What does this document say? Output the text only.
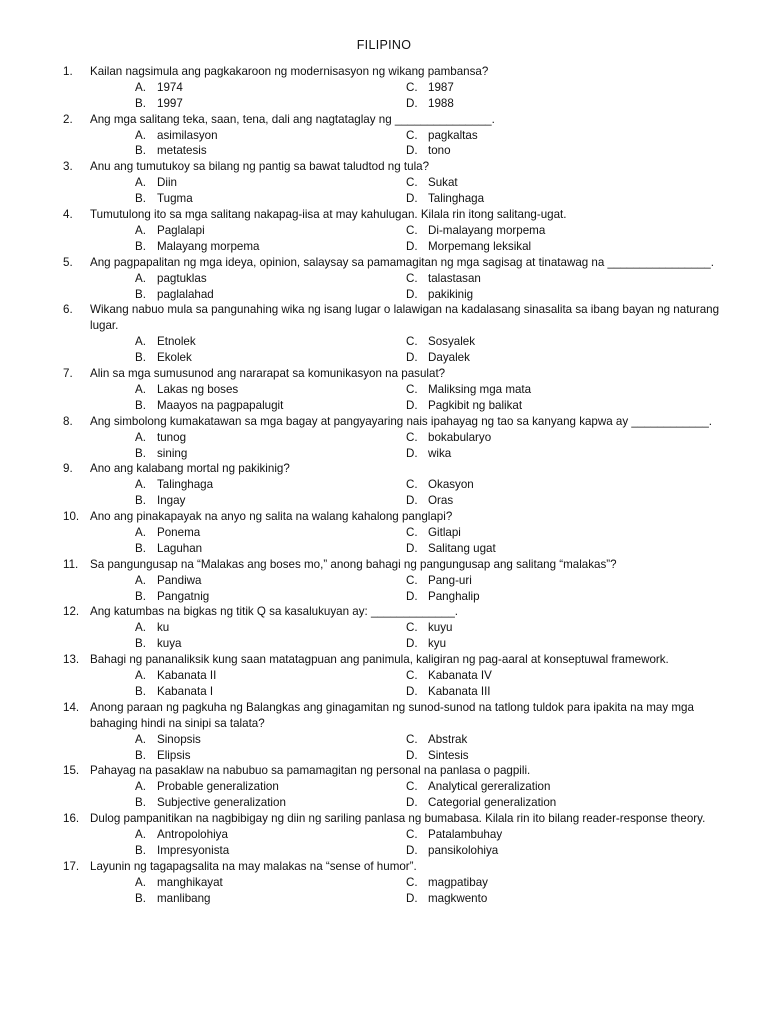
FILIPINO
1.	Kailan nagsimula ang pagkakaroon ng modernisasyon ng wikang pambansa?
A. 1974	C. 1987
B. 1997	D. 1988
2.	Ang mga salitang teka, saan, tena, dali ang nagtataglay ng _______________.
A. asimilasyon	C. pagkaltas
B. metatesis	D. tono
3.	Anu ang tumutukoy sa bilang ng pantig sa bawat taludtod ng tula?
A. Diin	C. Sukat
B. Tugma	D. Talinghaga
4.	Tumutulong ito sa mga salitang nakapag-iisa at may kahulugan. Kilala rin itong salitang-ugat.
A. Paglalapi	C. Di-malayang morpema
B. Malayang morpema	D. Morpemang leksikal
5.	Ang pagpapalitan ng mga ideya, opinion, salaysay sa pamamagitan ng mga sagisag at tinatawag na ________________.
A. pagtuklas	C. talastasan
B. paglalahad	D. pakikinig
6.	Wikang nabuo mula sa pangunahing wika ng isang lugar o lalawigan na kadalasang sinasalita sa ibang bayan ng naturang lugar.
A. Etnolek	C. Sosyalek
B. Ekolek	D. Dayalek
7.	Alin sa mga sumusunod ang nararapat sa komunikasyon na pasulat?
A. Lakas ng boses	C. Maliksing mga mata
B. Maayos na pagpapalugit	D. Pagkibit ng balikat
8.	Ang simbolong kumakatawan sa mga bagay at pangyayaring nais ipahayag ng tao sa kanyang kapwa ay ____________.
A. tunog	C. bokabularyo
B. sining	D. wika
9.	Ano ang kalabang mortal ng pakikinig?
A. Talinghaga	C. Okasyon
B. Ingay	D. Oras
10. Ano ang pinakapayak na anyo ng salita na walang kahalong panglapi?
A. Ponema	C. Gitlapi
B. Laguhan	D. Salitang ugat
11.	Sa pangungusap na “Malakas ang boses mo,” anong bahagi ng pangungusap ang salitang “malakas”?
A. Pandiwa	C. Pang-uri
B. Pangatnig	D. Panghalip
12. Ang katumbas na bigkas ng titik Q sa kasalukuyan ay: _____________.
A. ku	C. kuyu
B. kuya	D. kyu
13. Bahagi ng pananaliksik kung saan matatagpuan ang panimula, kaligiran ng pag-aaral at konseptuwal framework.
A. Kabanata II	C. Kabanata IV
B. Kabanata I	D. Kabanata III
14. Anong paraan ng pagkuha ng Balangkas ang ginagamitan ng sunod-sunod na tatlong tuldok para ipakita na may mga bahaging hindi na sinipi sa talata?
A. Sinopsis	C. Abstrak
B. Elipsis	D. Sintesis
15. Pahayag na pasaklaw na nabubuo sa pamamagitan ng personal na panlasa o pagpili.
A. Probable generalization	C. Analytical gereralization
B. Subjective generalization	D. Categorial generalization
16. Dulog pampanitikan na nagbibigay ng diin ng sariling panlasa ng bumabasa. Kilala rin ito bilang reader-response theory.
A. Antropolohiya	C. Patalambuhay
B. Impresyonista	D. pansikolohiya
17. Layunin ng tagapagsalita na may malakas na “sense of humor”.
A. manghikayat	C. magpatibay
B. manlibang	D. magkwento
